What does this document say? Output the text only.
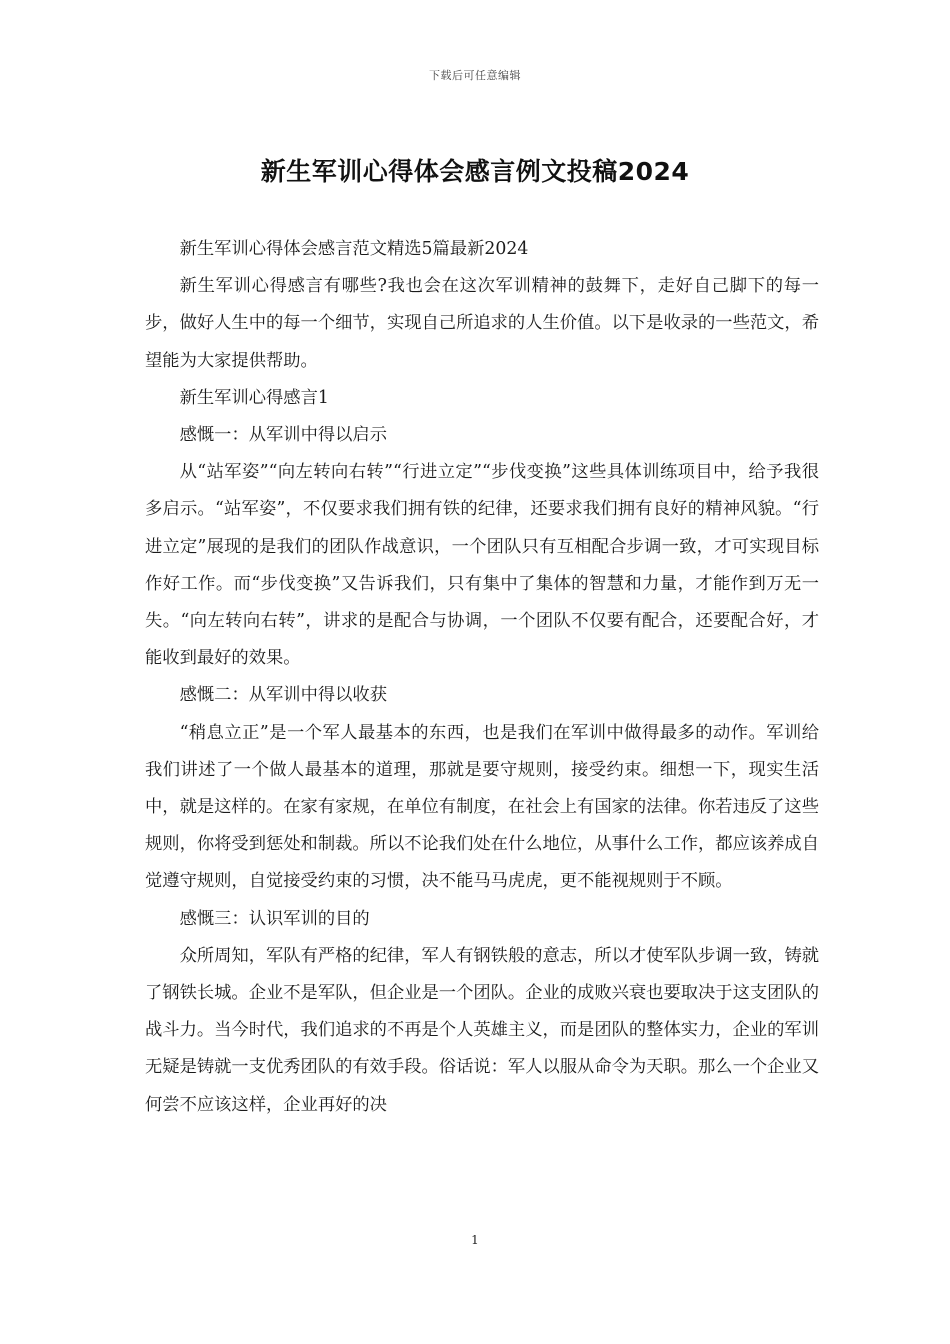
下载后可任意编辑
新生军训心得体会感言例文投稿2024

新生军训心得体会感言范文精选5篇最新2024

新生军训心得感言有哪些?我也会在这次军训精神的鼓舞下，走好自己脚下的每一步，做好人生中的每一个细节，实现自己所追求的人生价值。以下是收录的一些范文，希望能为大家提供帮助。

新生军训心得感言1

感慨一：从军训中得以启示

从“站军姿”“向左转向右转”“行进立定”“步伐变换”这些具体训练项目中，给予我很多启示。“站军姿”，不仅要求我们拥有铁的纪律，还要求我们拥有良好的精神风貌。“行进立定”展现的是我们的团队作战意识，一个团队只有互相配合步调一致，才可实现目标作好工作。而“步伐变换”又告诉我们，只有集中了集体的智慧和力量，才能作到万无一失。“向左转向右转”，讲求的是配合与协调，一个团队不仅要有配合，还要配合好，才能收到最好的效果。

感慨二：从军训中得以收获

“稍息立正”是一个军人最基本的东西，也是我们在军训中做得最多的动作。军训给我们讲述了一个做人最基本的道理，那就是要守规则，接受约束。细想一下，现实生活中，就是这样的。在家有家规，在单位有制度，在社会上有国家的法律。你若违反了这些规则，你将受到惩处和制裁。所以不论我们处在什么地位，从事什么工作，都应该养成自觉遵守规则，自觉接受约束的习惯，决不能马马虎虎，更不能视规则于不顾。

感慨三：认识军训的目的

众所周知，军队有严格的纪律，军人有钢铁般的意志，所以才使军队步调一致，铸就了钢铁长城。企业不是军队，但企业是一个团队。企业的成败兴衰也要取决于这支团队的战斗力。当今时代，我们追求的不再是个人英雄主义，而是团队的整体实力，企业的军训无疑是铸就一支优秀团队的有效手段。俗话说：军人以服从命令为天职。那么一个企业又何尝不应该这样，企业再好的决

1
